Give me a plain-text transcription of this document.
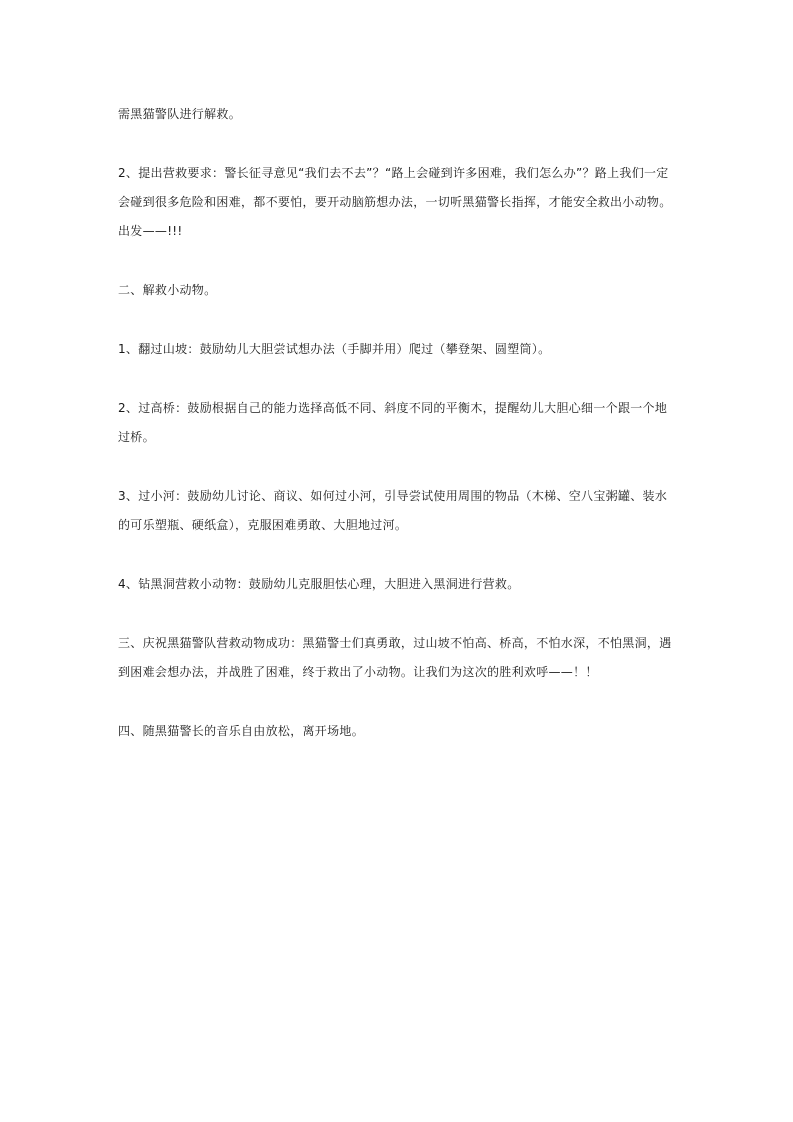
需黑猫警队进行解救。

2、提出营救要求：警长征寻意见“我们去不去”？“路上会碰到许多困难，我们怎么办”？路上我们一定会碰到很多危险和困难，都不要怕，要开动脑筋想办法，一切听黑猫警长指挥，才能安全救出小动物。出发——!!!

二、解救小动物。

1、翻过山坡：鼓励幼儿大胆尝试想办法（手脚并用）爬过（攀登架、圆塑筒）。

2、过高桥：鼓励根据自己的能力选择高低不同、斜度不同的平衡木，提醒幼儿大胆心细一个跟一个地过桥。

3、过小河：鼓励幼儿讨论、商议、如何过小河，引导尝试使用周围的物品（木梯、空八宝粥罐、装水的可乐塑瓶、硬纸盒），克服困难勇敢、大胆地过河。

4、钻黑洞营救小动物：鼓励幼儿克服胆怯心理，大胆进入黑洞进行营救。

三、庆祝黑猫警队营救动物成功：黑猫警士们真勇敢，过山坡不怕高、桥高，不怕水深，不怕黑洞，遇到困难会想办法，并战胜了困难，终于救出了小动物。让我们为这次的胜利欢呼——！！

四、随黑猫警长的音乐自由放松，离开场地。
